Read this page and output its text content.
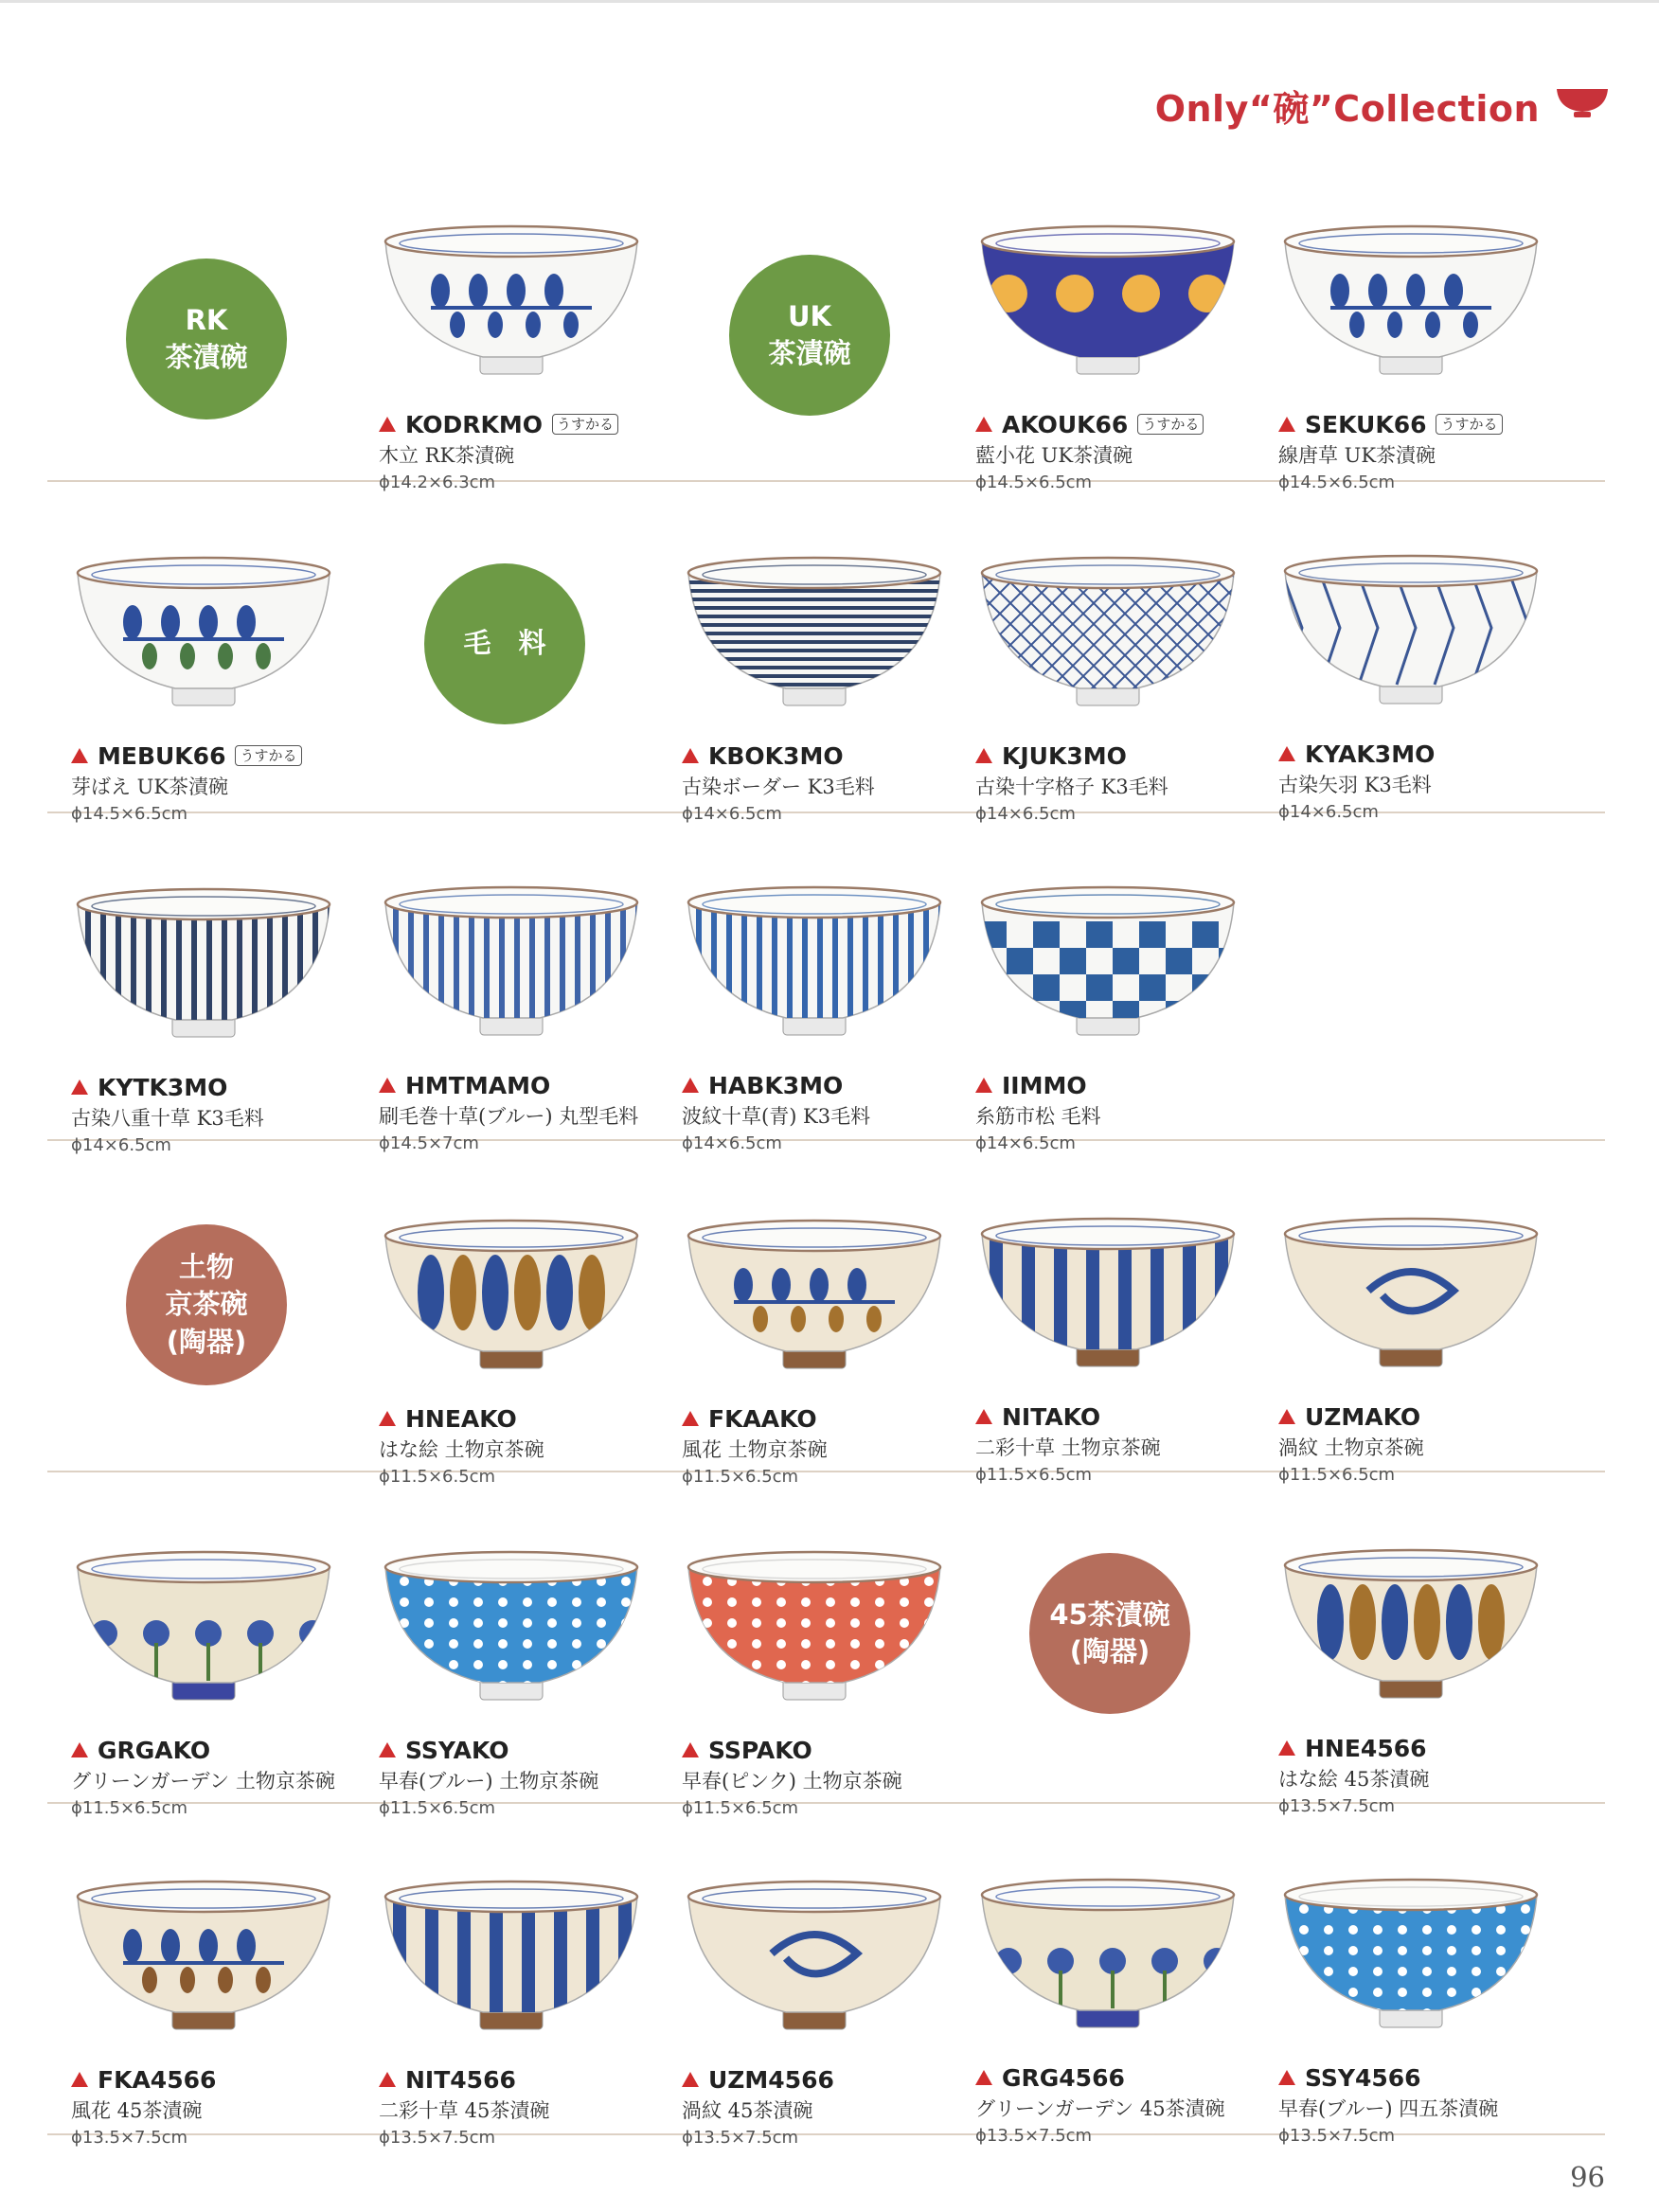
Only“碗”Collection
RK
茶漬碗
UK
茶漬碗
毛　料
土物
京茶碗
(陶器)
45茶漬碗
(陶器)
96
KODRKMO	うすかる
木立 RK茶漬碗
ϕ14.2×6.3cm
AKOUK66	うすかる
藍小花 UK茶漬碗
ϕ14.5×6.5cm
SEKUK66	うすかる
線唐草 UK茶漬碗
ϕ14.5×6.5cm
MEBUK66	うすかる
芽ばえ UK茶漬碗
ϕ14.5×6.5cm
KBOK3MO
古染ボーダー K3毛料
ϕ14×6.5cm
KJUK3MO
古染十字格子 K3毛料
ϕ14×6.5cm
KYAK3MO
古染矢羽 K3毛料
ϕ14×6.5cm
KYTK3MO
古染八重十草 K3毛料
ϕ14×6.5cm
HMTMAMO
刷毛巻十草(ブルー) 丸型毛料
ϕ14.5×7cm
HABK3MO
波紋十草(青) K3毛料
ϕ14×6.5cm
IIMMO
糸筋市松 毛料
ϕ14×6.5cm
HNEAKO
はな絵 土物京茶碗
ϕ11.5×6.5cm
FKAAKO
風花 土物京茶碗
ϕ11.5×6.5cm
NITAKO
二彩十草 土物京茶碗
ϕ11.5×6.5cm
UZMAKO
渦紋 土物京茶碗
ϕ11.5×6.5cm
GRGAKO
グリーンガーデン 土物京茶碗
ϕ11.5×6.5cm
SSYAKO
早春(ブルー) 土物京茶碗
ϕ11.5×6.5cm
SSPAKO
早春(ピンク) 土物京茶碗
ϕ11.5×6.5cm
HNE4566
はな絵 45茶漬碗
ϕ13.5×7.5cm
FKA4566
風花 45茶漬碗
ϕ13.5×7.5cm
NIT4566
二彩十草 45茶漬碗
ϕ13.5×7.5cm
UZM4566
渦紋 45茶漬碗
ϕ13.5×7.5cm
GRG4566
グリーンガーデン 45茶漬碗
ϕ13.5×7.5cm
SSY4566
早春(ブルー) 四五茶漬碗
ϕ13.5×7.5cm
